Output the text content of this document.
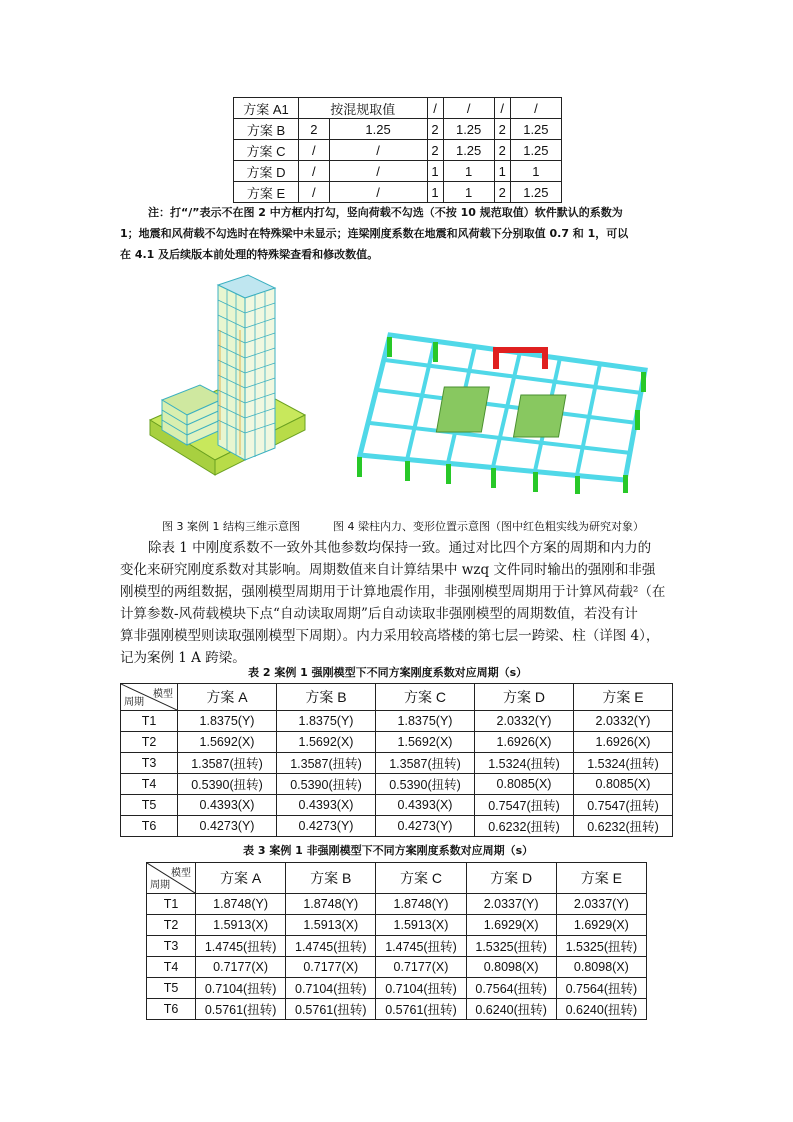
方案 A1	按混规取值		/	/	/	/
方案 B	2	1.25	2	1.25	2	1.25
方案 C	/	/	2	1.25	2	1.25
方案 D	/	/	1	1	1	1
方案 E	/	/	1	1	2	1.25
注：打“/”表示不在图 2 中方框内打勾，竖向荷载不勾选（不按 10 规范取值）软件默认的系数为
1；地震和风荷载不勾选时在特殊梁中未显示；连梁刚度系数在地震和风荷载下分别取值 0.7 和 1，可以
在 4.1 及后续版本前处理的特殊梁查看和修改数值。
图 3 案例 1 结构三维示意图	图 4 梁柱内力、变形位置示意图（图中红色粗实线为研究对象）
除表 1 中刚度系数不一致外其他参数均保持一致。通过对比四个方案的周期和内力的
变化来研究刚度系数对其影响。周期数值来自计算结果中 wzq 文件同时输出的强刚和非强
刚模型的两组数据，强刚模型周期用于计算地震作用，非强刚模型周期用于计算风荷载²（在
计算参数-风荷载模块下点“自动读取周期”后自动读取非强刚模型的周期数值，若没有计
算非强刚模型则读取强刚模型下周期）。内力采用较高塔楼的第七层一跨梁、柱（详图 4），
记为案例 1 A 跨梁。
表 2 案例 1 强刚模型下不同方案刚度系数对应周期（s）
模型
周期	方案 A	方案 B	方案 C	方案 D	方案 E
T1	1.8375(Y)	1.8375(Y)	1.8375(Y)	2.0332(Y)	2.0332(Y)
T2	1.5692(X)	1.5692(X)	1.5692(X)	1.6926(X)	1.6926(X)
T3	1.3587(扭转)	1.3587(扭转)	1.3587(扭转)	1.5324(扭转)	1.5324(扭转)
T4	0.5390(扭转)	0.5390(扭转)	0.5390(扭转)	0.8085(X)	0.8085(X)
T5	0.4393(X)	0.4393(X)	0.4393(X)	0.7547(扭转)	0.7547(扭转)
T6	0.4273(Y)	0.4273(Y)	0.4273(Y)	0.6232(扭转)	0.6232(扭转)
表 3 案例 1 非强刚模型下不同方案刚度系数对应周期（s）
模型
周期	方案 A	方案 B	方案 C	方案 D	方案 E
T1	1.8748(Y)	1.8748(Y)	1.8748(Y)	2.0337(Y)	2.0337(Y)
T2	1.5913(X)	1.5913(X)	1.5913(X)	1.6929(X)	1.6929(X)
T3	1.4745(扭转)	1.4745(扭转)	1.4745(扭转)	1.5325(扭转)	1.5325(扭转)
T4	0.7177(X)	0.7177(X)	0.7177(X)	0.8098(X)	0.8098(X)
T5	0.7104(扭转)	0.7104(扭转)	0.7104(扭转)	0.7564(扭转)	0.7564(扭转)
T6	0.5761(扭转)	0.5761(扭转)	0.5761(扭转)	0.6240(扭转)	0.6240(扭转)
